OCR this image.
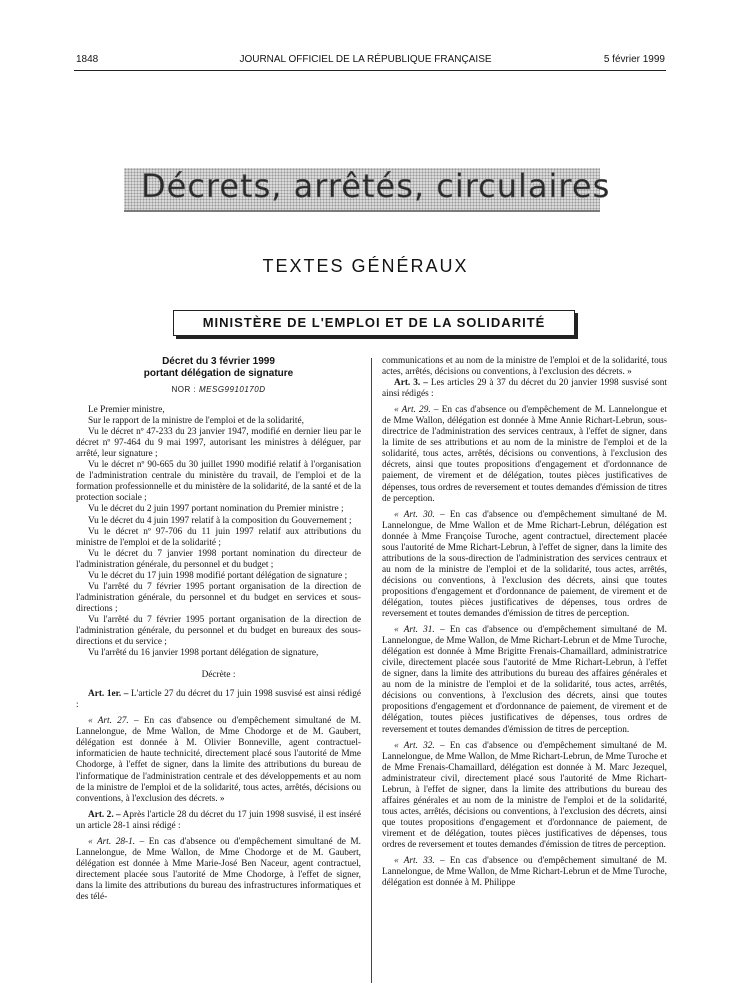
1848	JOURNAL OFFICIEL DE LA RÉPUBLIQUE FRANÇAISE	5 février 1999
Décrets, arrêtés, circulaires
TEXTES GÉNÉRAUX
MINISTÈRE DE L'EMPLOI ET DE LA SOLIDARITÉ
Décret du 3 février 1999
portant délégation de signature
NOR : MESG9910170D

Le Premier ministre,

Sur le rapport de la ministre de l'emploi et de la solidarité,

Vu le décret nº 47-233 du 23 janvier 1947, modifié en dernier lieu par le décret nº 97-464 du 9 mai 1997, autorisant les ministres à déléguer, par arrêté, leur signature ;

Vu le décret nº 90-665 du 30 juillet 1990 modifié relatif à l'organisation de l'administration centrale du ministère du travail, de l'emploi et de la formation professionnelle et du ministère de la solidarité, de la santé et de la protection sociale ;

Vu le décret du 2 juin 1997 portant nomination du Premier ministre ;

Vu le décret du 4 juin 1997 relatif à la composition du Gouvernement ;

Vu le décret nº 97-706 du 11 juin 1997 relatif aux attributions du ministre de l'emploi et de la solidarité ;

Vu le décret du 7 janvier 1998 portant nomination du directeur de l'administration générale, du personnel et du budget ;

Vu le décret du 17 juin 1998 modifié portant délégation de signature ;

Vu l'arrêté du 7 février 1995 portant organisation de la direction de l'administration générale, du personnel et du budget en services et sous-directions ;

Vu l'arrêté du 7 février 1995 portant organisation de la direction de l'administration générale, du personnel et du budget en bureaux des sous-directions et du service ;

Vu l'arrêté du 16 janvier 1998 portant délégation de signature,

Décrète :

Art. 1er. – L'article 27 du décret du 17 juin 1998 susvisé est ainsi rédigé :

« Art. 27. – En cas d'absence ou d'empêchement simultané de M. Lannelongue, de Mme Wallon, de Mme Chodorge et de M. Gaubert, délégation est donnée à M. Olivier Bonneville, agent contractuel-informaticien de haute technicité, directement placé sous l'autorité de Mme Chodorge, à l'effet de signer, dans la limite des attributions du bureau de l'informatique de l'administration centrale et des développements et au nom de la ministre de l'emploi et de la solidarité, tous actes, arrêtés, décisions ou conventions, à l'exclusion des décrets. »

Art. 2. – Après l'article 28 du décret du 17 juin 1998 susvisé, il est inséré un article 28-1 ainsi rédigé :

« Art. 28-1. – En cas d'absence ou d'empêchement simultané de M. Lannelongue, de Mme Wallon, de Mme Chodorge et de M. Gaubert, délégation est donnée à Mme Marie-José Ben Naceur, agent contractuel, directement placée sous l'autorité de Mme Chodorge, à l'effet de signer, dans la limite des attributions du bureau des infrastructures informatiques et des télé-

communications et au nom de la ministre de l'emploi et de la solidarité, tous actes, arrêtés, décisions ou conventions, à l'exclusion des décrets. »

Art. 3. – Les articles 29 à 37 du décret du 20 janvier 1998 susvisé sont ainsi rédigés :

« Art. 29. – En cas d'absence ou d'empêchement de M. Lannelongue et de Mme Wallon, délégation est donnée à Mme Annie Richart-Lebrun, sous-directrice de l'administration des services centraux, à l'effet de signer, dans la limite de ses attributions et au nom de la ministre de l'emploi et de la solidarité, tous actes, arrêtés, décisions ou conventions, à l'exclusion des décrets, ainsi que toutes propositions d'engagement et d'ordonnance de paiement, de virement et de délégation, toutes pièces justificatives de dépenses, tous ordres de reversement et toutes demandes d'émission de titres de perception.

« Art. 30. – En cas d'absence ou d'empêchement simultané de M. Lannelongue, de Mme Wallon et de Mme Richart-Lebrun, délégation est donnée à Mme Françoise Turoche, agent contractuel, directement placée sous l'autorité de Mme Richart-Lebrun, à l'effet de signer, dans la limite des attributions de la sous-direction de l'administration des services centraux et au nom de la ministre de l'emploi et de la solidarité, tous actes, arrêtés, décisions ou conventions, à l'exclusion des décrets, ainsi que toutes propositions d'engagement et d'ordonnance de paiement, de virement et de délégation, toutes pièces justificatives de dépenses, tous ordres de reversement et toutes demandes d'émission de titres de perception.

« Art. 31. – En cas d'absence ou d'empêchement simultané de M. Lannelongue, de Mme Wallon, de Mme Richart-Lebrun et de Mme Turoche, délégation est donnée à Mme Brigitte Frenais-Chamaillard, administratrice civile, directement placée sous l'autorité de Mme Richart-Lebrun, à l'effet de signer, dans la limite des attributions du bureau des affaires générales et au nom de la ministre de l'emploi et de la solidarité, tous actes, arrêtés, décisions ou conventions, à l'exclusion des décrets, ainsi que toutes propositions d'engagement et d'ordonnance de paiement, de virement et de délégation, toutes pièces justificatives de dépenses, tous ordres de reversement et toutes demandes d'émission de titres de perception.

« Art. 32. – En cas d'absence ou d'empêchement simultané de M. Lannelongue, de Mme Wallon, de Mme Richart-Lebrun, de Mme Turoche et de Mme Frenais-Chamaillard, délégation est donnée à M. Marc Jezequel, administrateur civil, directement placé sous l'autorité de Mme Richart-Lebrun, à l'effet de signer, dans la limite des attributions du bureau des affaires générales et au nom de la ministre de l'emploi et de la solidarité, tous actes, arrêtés, décisions ou conventions, à l'exclusion des décrets, ainsi que toutes propositions d'engagement et d'ordonnance de paiement, de virement et de délégation, toutes pièces justificatives de dépenses, tous ordres de reversement et toutes demandes d'émission de titres de perception.

« Art. 33. – En cas d'absence ou d'empêchement simultané de M. Lannelongue, de Mme Wallon, de Mme Richart-Lebrun et de Mme Turoche, délégation est donnée à M. Philippe
